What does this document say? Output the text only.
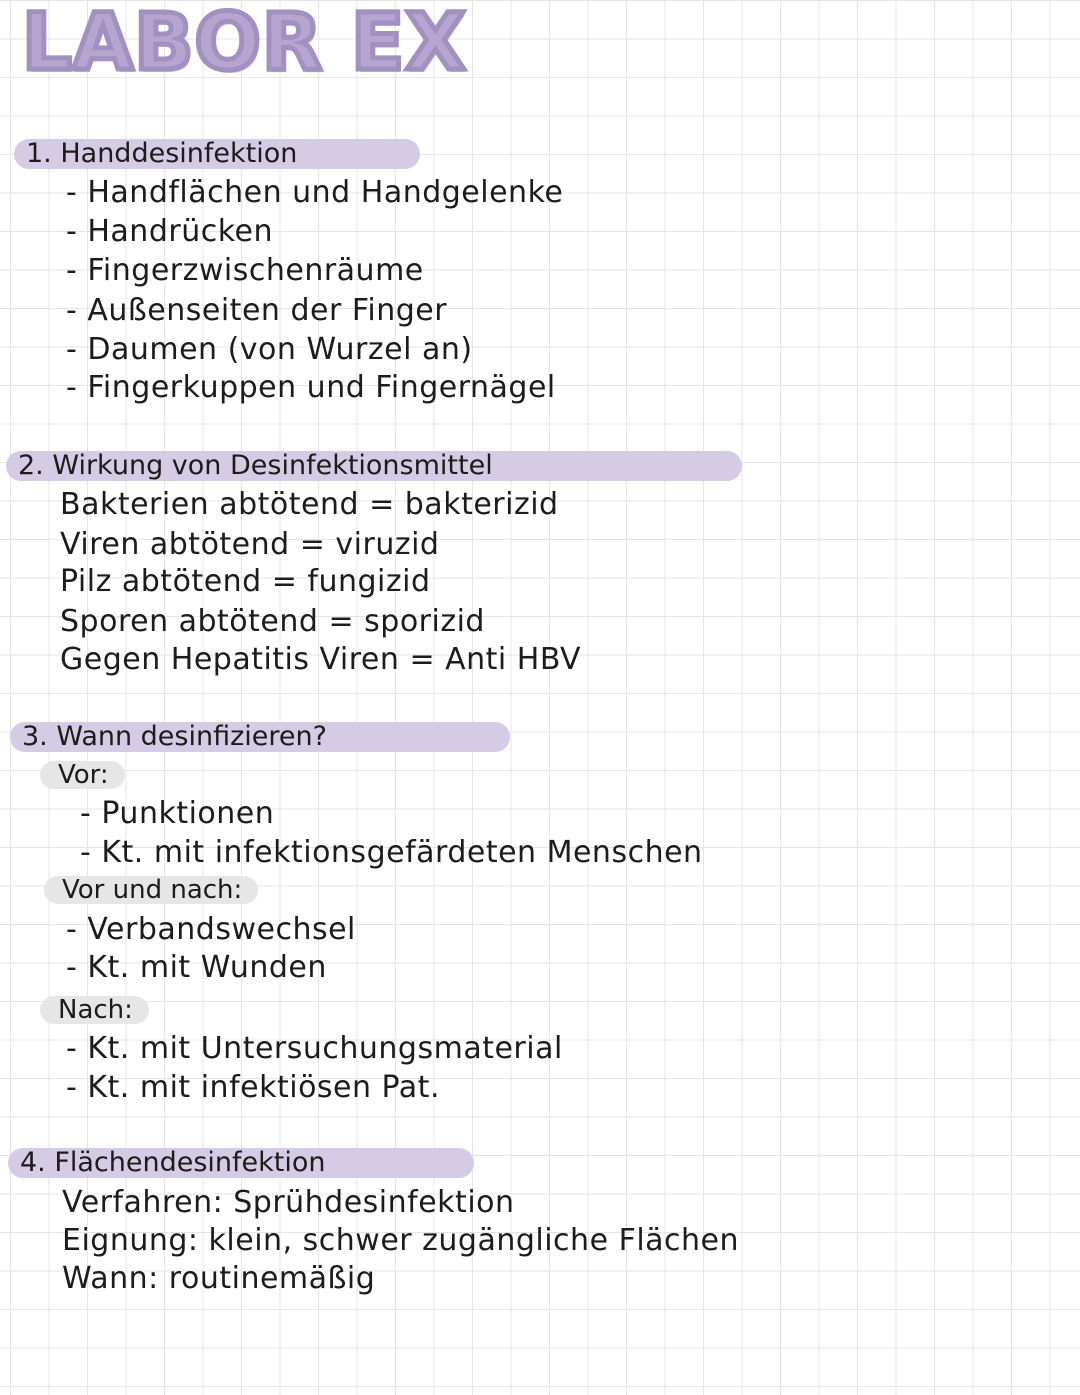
LABOR EX
1. Handdesinfektion
- Handflächen und Handgelenke
- Handrücken
- Fingerzwischenräume
- Außenseiten der Finger
- Daumen (von Wurzel an)
- Fingerkuppen und Fingernägel
2. Wirkung von Desinfektionsmittel
Bakterien abtötend = bakterizid
Viren abtötend = viruzid
Pilz abtötend = fungizid
Sporen abtötend = sporizid
Gegen Hepatitis Viren = Anti HBV
3. Wann desinfizieren?
Vor:
- Punktionen
- Kt. mit infektionsgefärdeten Menschen
Vor und nach:
- Verbandswechsel
- Kt. mit Wunden
Nach:
- Kt. mit Untersuchungsmaterial
- Kt. mit infektiösen Pat.
4. Flächendesinfektion
Verfahren: Sprühdesinfektion
Eignung: klein, schwer zugängliche Flächen
Wann: routinemäßig
